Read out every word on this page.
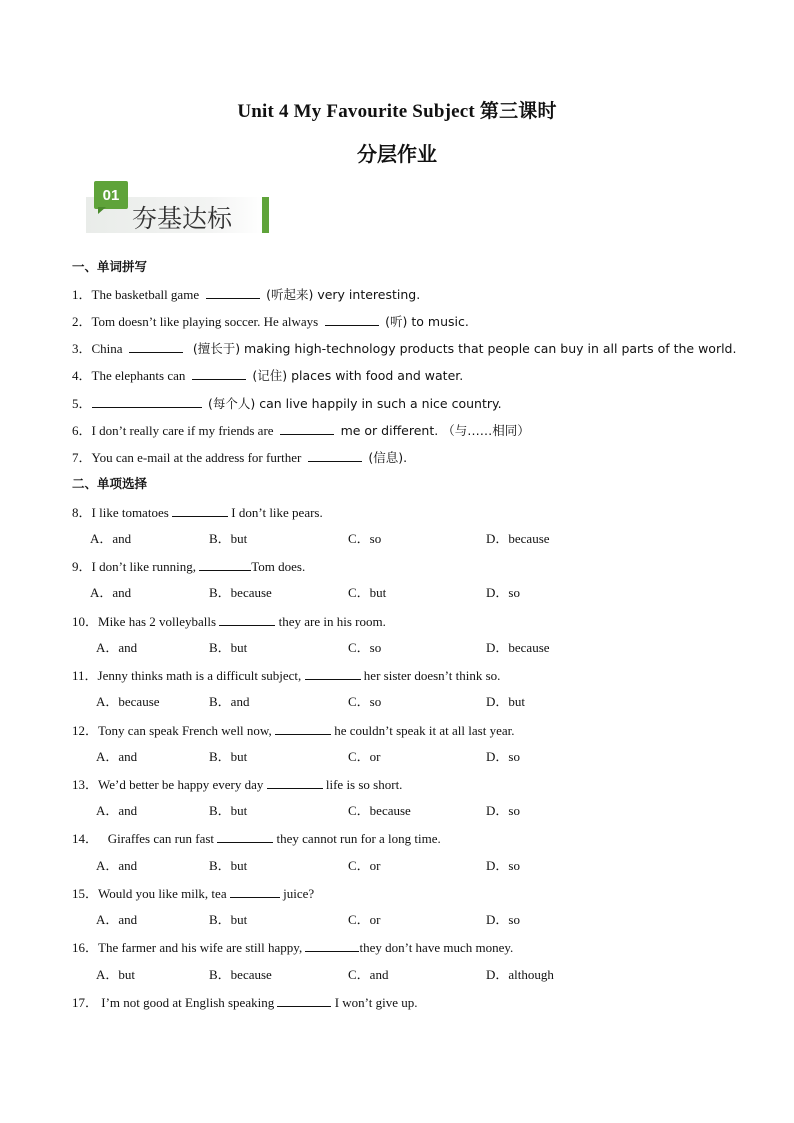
Unit 4 My Favourite Subject 第三课时
分层作业
01
夯基达标
一、单词拼写
1．The basketball game	(听起来) very interesting.
2．Tom doesn’t like playing soccer. He always	(听) to music.
3．China	(擅长于) making high-technology products that people can buy in all parts of the world.
4．The elephants can	(记住) places with food and water.
5．	(每个人) can live happily in such a nice country.
6．I don’t really care if my friends are	me or different. （与……相同）
7．You can e-mail at the address for further	(信息).
二、单项选择
8．I like tomatoes	I don’t like pears.
A．and	B．but	C．so	D．because
9．I don’t like running,	Tom does.
A．and	B．because	C．but	D．so
10．Mike has 2 volleyballs	they are in his room.
A．and	B．but	C．so	D．because
11．Jenny thinks math is a difficult subject,	her sister doesn’t think so.
A．because	B．and	C．so	D．but
12．Tony can speak French well now,	he couldn’t speak it at all last year.
A．and	B．but	C．or	D．so
13．We’d better be happy every day	life is so short.
A．and	B．but	C．because	D．so
14．   Giraffes can run fast	they cannot run for a long time.
A．and	B．but	C．or	D．so
15．Would you like milk, tea	juice?
A．and	B．but	C．or	D．so
16．The farmer and his wife are still happy,	they don’t have much money.
A．but	B．because	C．and	D．although
17． I’m not good at English speaking	I won’t give up.
